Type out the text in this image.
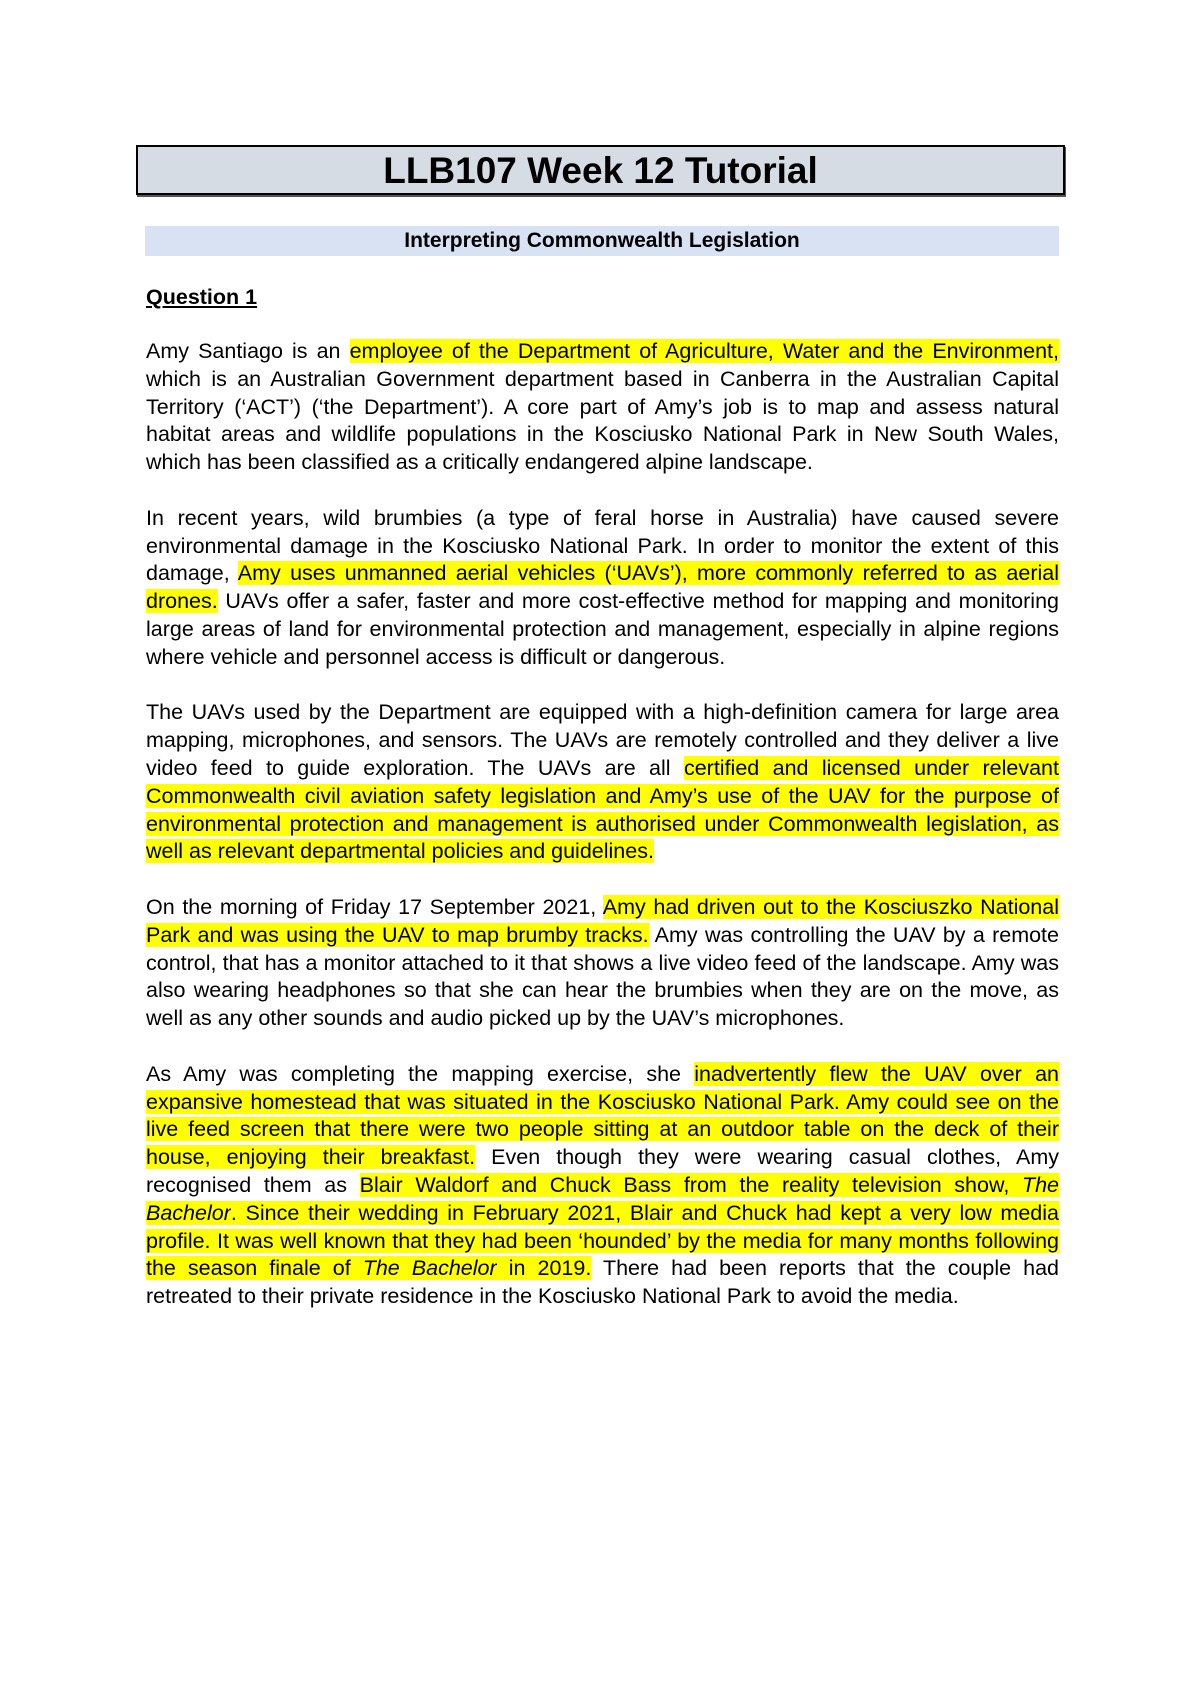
LLB107 Week 12 Tutorial
Interpreting Commonwealth Legislation
Question 1

Amy Santiago is an employee of the Department of Agriculture, Water and the Environment, which is an Australian Government department based in Canberra in the Australian Capital Territory (‘ACT’) (‘the Department’). A core part of Amy’s job is to map and assess natural habitat areas and wildlife populations in the Kosciusko National Park in New South Wales, which has been classified as a critically endangered alpine landscape.

In recent years, wild brumbies (a type of feral horse in Australia) have caused severe environmental damage in the Kosciusko National Park. In order to monitor the extent of this damage, Amy uses unmanned aerial vehicles (‘UAVs’), more commonly referred to as aerial drones. UAVs offer a safer, faster and more cost-effective method for mapping and monitoring large areas of land for environmental protection and management, especially in alpine regions where vehicle and personnel access is difficult or dangerous.

The UAVs used by the Department are equipped with a high-definition camera for large area mapping, microphones, and sensors. The UAVs are remotely controlled and they deliver a live video feed to guide exploration. The UAVs are all certified and licensed under relevant Commonwealth civil aviation safety legislation and Amy’s use of the UAV for the purpose of environmental protection and management is authorised under Commonwealth legislation, as well as relevant departmental policies and guidelines.

On the morning of Friday 17 September 2021, Amy had driven out to the Kosciuszko National Park and was using the UAV to map brumby tracks. Amy was controlling the UAV by a remote control, that has a monitor attached to it that shows a live video feed of the landscape. Amy was also wearing headphones so that she can hear the brumbies when they are on the move, as well as any other sounds and audio picked up by the UAV’s microphones.

As Amy was completing the mapping exercise, she inadvertently flew the UAV over an expansive homestead that was situated in the Kosciusko National Park. Amy could see on the live feed screen that there were two people sitting at an outdoor table on the deck of their house, enjoying their breakfast. Even though they were wearing casual clothes, Amy recognised them as Blair Waldorf and Chuck Bass from the reality television show, The Bachelor. Since their wedding in February 2021, Blair and Chuck had kept a very low media profile. It was well known that they had been ‘hounded’ by the media for many months following the season finale of The Bachelor in 2019. There had been reports that the couple had retreated to their private residence in the Kosciusko National Park to avoid the media.
